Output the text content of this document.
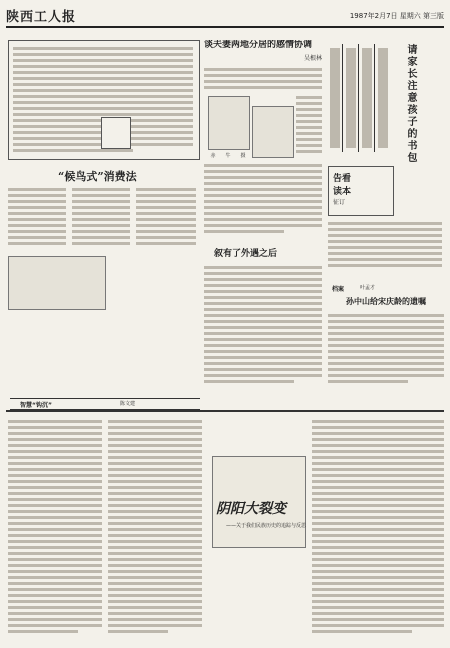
陕西工人报	1987年2月7日 星期六 第三版
谈夫妻两地分居的感情协调
吴根林
赤　　牛　　摄	请家长注意孩子的书包
“候鸟式”消费法
叙有了外遇之后
告看
读本
征订
档案	叶孟才
孙中山给宋庆龄的遗嘱
智慧“钩沉”	陈文建
阴阳大裂变
——关于我们民族历史的追踪与反思
